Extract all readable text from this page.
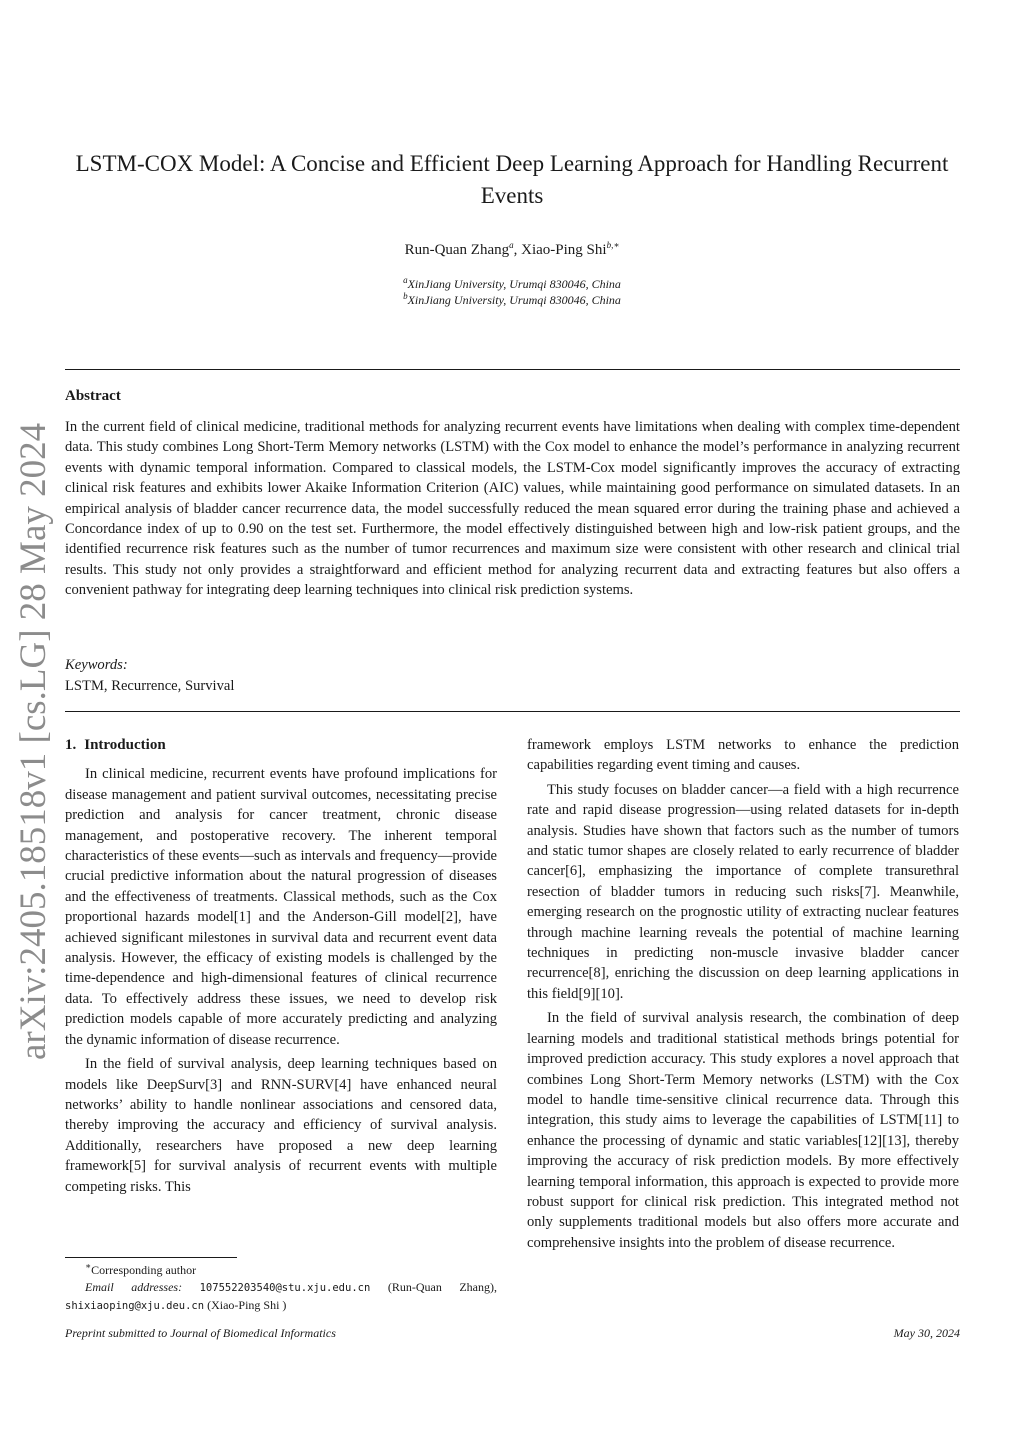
arXiv:2405.18518v1 [cs.LG] 28 May 2024
LSTM-COX Model: A Concise and Efficient Deep Learning Approach for Handling Recurrent Events
Run-Quan Zhang$^a$, Xiao-Ping Shi$^{b,∗}$
$^a$XinJiang University, Urumqi 830046, China
$^b$XinJiang University, Urumqi 830046, China
Abstract
In the current field of clinical medicine, traditional methods for analyzing recurrent events have limitations when dealing with complex time-dependent data. This study combines Long Short-Term Memory networks (LSTM) with the Cox model to enhance the model’s performance in analyzing recurrent events with dynamic temporal information. Compared to classical models, the LSTM-Cox model significantly improves the accuracy of extracting clinical risk features and exhibits lower Akaike Information Criterion (AIC) values, while maintaining good performance on simulated datasets. In an empirical analysis of bladder cancer recurrence data, the model successfully reduced the mean squared error during the training phase and achieved a Concordance index of up to 0.90 on the test set. Furthermore, the model effectively distinguished between high and low-risk patient groups, and the identified recurrence risk features such as the number of tumor recurrences and maximum size were consistent with other research and clinical trial results. This study not only provides a straightforward and efficient method for analyzing recurrent data and extracting features but also offers a convenient pathway for integrating deep learning techniques into clinical risk prediction systems.
Keywords:
LSTM, Recurrence, Survival
1. Introduction

In clinical medicine, recurrent events have profound implications for disease management and patient survival outcomes, necessitating precise prediction and analysis for cancer treatment, chronic disease management, and postoperative recovery. The inherent temporal characteristics of these events—such as intervals and frequency—provide crucial predictive information about the natural progression of diseases and the effectiveness of treatments. Classical methods, such as the Cox proportional hazards model[1] and the Anderson-Gill model[2], have achieved significant milestones in survival data and recurrent event data analysis. However, the efficacy of existing models is challenged by the time-dependence and high-dimensional features of clinical recurrence data. To effectively address these issues, we need to develop risk prediction models capable of more accurately predicting and analyzing the dynamic information of disease recurrence.

In the field of survival analysis, deep learning techniques based on models like DeepSurv[3] and RNN-SURV[4] have enhanced neural networks’ ability to handle nonlinear associations and censored data, thereby improving the accuracy and efficiency of survival analysis. Additionally, researchers have proposed a new deep learning framework[5] for survival analysis of recurrent events with multiple competing risks. This

framework employs LSTM networks to enhance the prediction capabilities regarding event timing and causes.

This study focuses on bladder cancer—a field with a high recurrence rate and rapid disease progression—using related datasets for in-depth analysis. Studies have shown that factors such as the number of tumors and static tumor shapes are closely related to early recurrence of bladder cancer[6], emphasizing the importance of complete transurethral resection of bladder tumors in reducing such risks[7]. Meanwhile, emerging research on the prognostic utility of extracting nuclear features through machine learning reveals the potential of machine learning techniques in predicting non-muscle invasive bladder cancer recurrence[8], enriching the discussion on deep learning applications in this field[9][10].

In the field of survival analysis research, the combination of deep learning models and traditional statistical methods brings potential for improved prediction accuracy. This study explores a novel approach that combines Long Short-Term Memory networks (LSTM) with the Cox model to handle time-sensitive clinical recurrence data. Through this integration, this study aims to leverage the capabilities of LSTM[11] to enhance the processing of dynamic and static variables[12][13], thereby improving the accuracy of risk prediction models. By more effectively learning temporal information, this approach is expected to provide more robust support for clinical risk prediction. This integrated method not only supplements traditional models but also offers more accurate and comprehensive insights into the problem of disease recurrence.

∗Corresponding author
Email addresses: 107552203540@stu.xju.edu.cn (Run-Quan Zhang), shixiaoping@xju.deu.cn (Xiao-Ping Shi )
Preprint submitted to Journal of Biomedical Informatics	May 30, 2024
